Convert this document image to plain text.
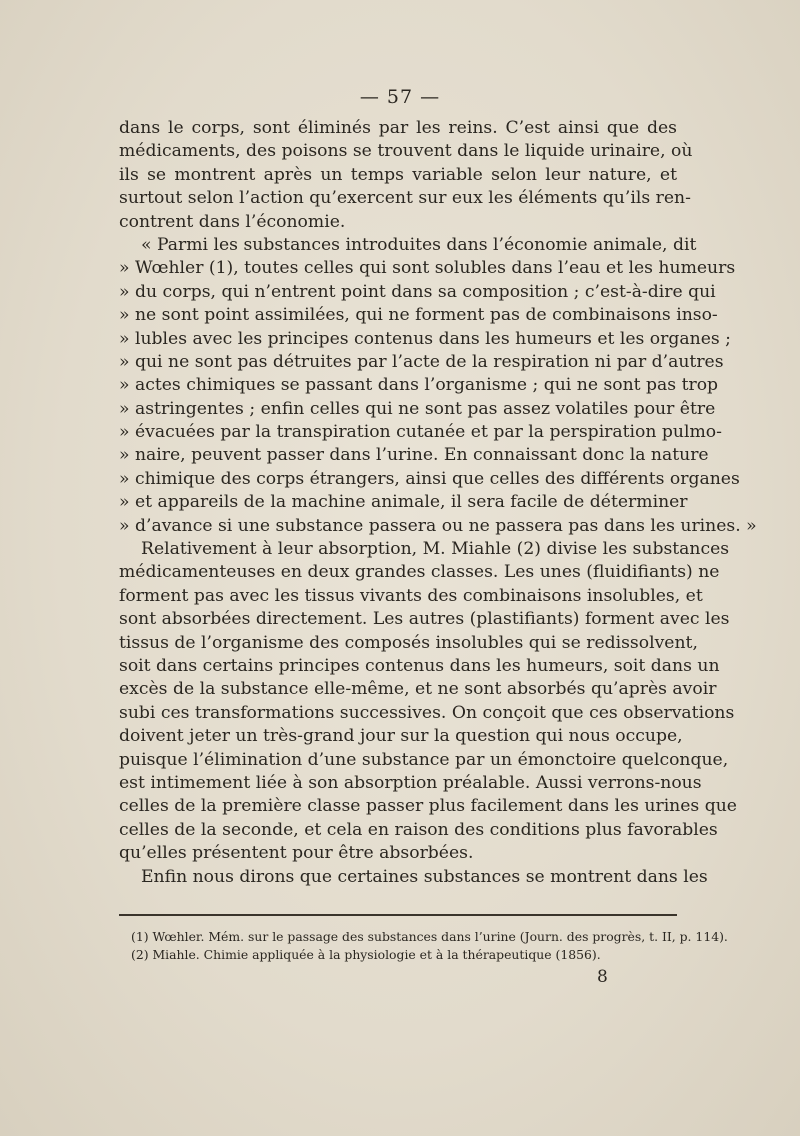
— 57 —
dans le corps, sont éliminés par les reins. C’est ainsi que des
médicaments, des poisons se trouvent dans le liquide urinaire, où
ils se montrent après un temps variable selon leur nature, et
surtout selon l’action qu’exercent sur eux les éléments qu’ils ren-
contrent dans l’économie.
« Parmi les substances introduites dans l’économie animale, dit
» Wœhler (1), toutes celles qui sont solubles dans l’eau et les humeurs
» du corps, qui n’entrent point dans sa composition ; c’est-à-dire qui
» ne sont point assimilées, qui ne forment pas de combinaisons inso-
» lubles avec les principes contenus dans les humeurs et les organes ;
» qui ne sont pas détruites par l’acte de la respiration ni par d’autres
» actes chimiques se passant dans l’organisme ; qui ne sont pas trop
» astringentes ; enfin celles qui ne sont pas assez volatiles pour être
» évacuées par la transpiration cutanée et par la perspiration pulmo-
» naire, peuvent passer dans l’urine. En connaissant donc la nature
» chimique des corps étrangers, ainsi que celles des différents organes
» et appareils de la machine animale, il sera facile de déterminer
» d’avance si une substance passera ou ne passera pas dans les urines. »
Relativement à leur absorption, M. Miahle (2) divise les substances
médicamenteuses en deux grandes classes. Les unes (fluidifiants) ne
forment pas avec les tissus vivants des combinaisons insolubles, et
sont absorbées directement. Les autres (plastifiants) forment avec les
tissus de l’organisme des composés insolubles qui se redissolvent,
soit dans certains principes contenus dans les humeurs, soit dans un
excès de la substance elle-même, et ne sont absorbés qu’après avoir
subi ces transformations successives. On conçoit que ces observations
doivent jeter un très-grand jour sur la question qui nous occupe,
puisque l’élimination d’une substance par un émonctoire quelconque,
est intimement liée à son absorption préalable. Aussi verrons-nous
celles de la première classe passer plus facilement dans les urines que
celles de la seconde, et cela en raison des conditions plus favorables
qu’elles présentent pour être absorbées.
Enfin nous dirons que certaines substances se montrent dans les
(1) Wœhler. Mém. sur le passage des substances dans l’urine (Journ. des progrès, t. II, p. 114).
(2) Miahle. Chimie appliquée à la physiologie et à la thérapeutique (1856).
8
